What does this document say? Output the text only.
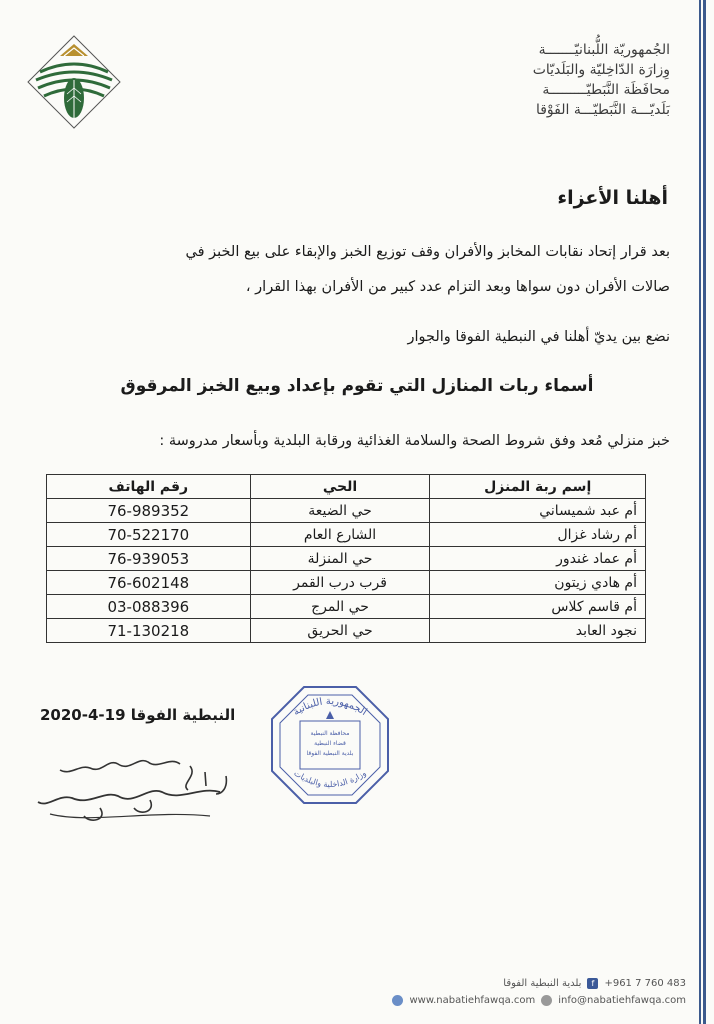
الجُمهوريّة اللُّبنانيّـــــــة
وِزارَة الدّاخِليّة والبَلَديّات
محافَظَة النَّبَطيّـــــــــة
بَلَديّـــة النَّبَطيّـــة الفَوْقا
أهلنا الأعزاء
بعد قرار إتحاد نقابات المخابز والأفران وقف توزيع الخبز والإبقاء على بيع الخبز في
صالات الأفران دون سواها وبعد التزام عدد كبير من الأفران بهذا القرار ،
نضع بين يديّ أهلنا في النبطية الفوقا والجوار
أسماء ربات المنازل التي تقوم بإعداد وبيع الخبز المرقوق
خبز منزلي مُعد وفق شروط الصحة والسلامة الغذائية ورقابة البلدية وبأسعار مدروسة :
إسم ربة المنزل	الحي	رقم الهاتف
أم عبد شميساني	حي الضيعة	76-989352
أم رشاد غزال	الشارع العام	70-522170
أم عماد غندور	حي المنزلة	76-939053
أم هادي زيتون	قرب درب القمر	76-602148
أم قاسم كلاس	حي المرج	03-088396
نجود العابد	حي الحريق	71-130218
النبطية الفوقا 19-4-2020	الجمهورية اللبنانية
محافظة النبطية
قضاء النبطية
بلدية النبطية الفوقا
وزارة الداخلية والبلديات
بلدية النبطية الفوقا	f	+961 7 760 483
www.nabatiehfawqa.com info@nabatiehfawqa.com
